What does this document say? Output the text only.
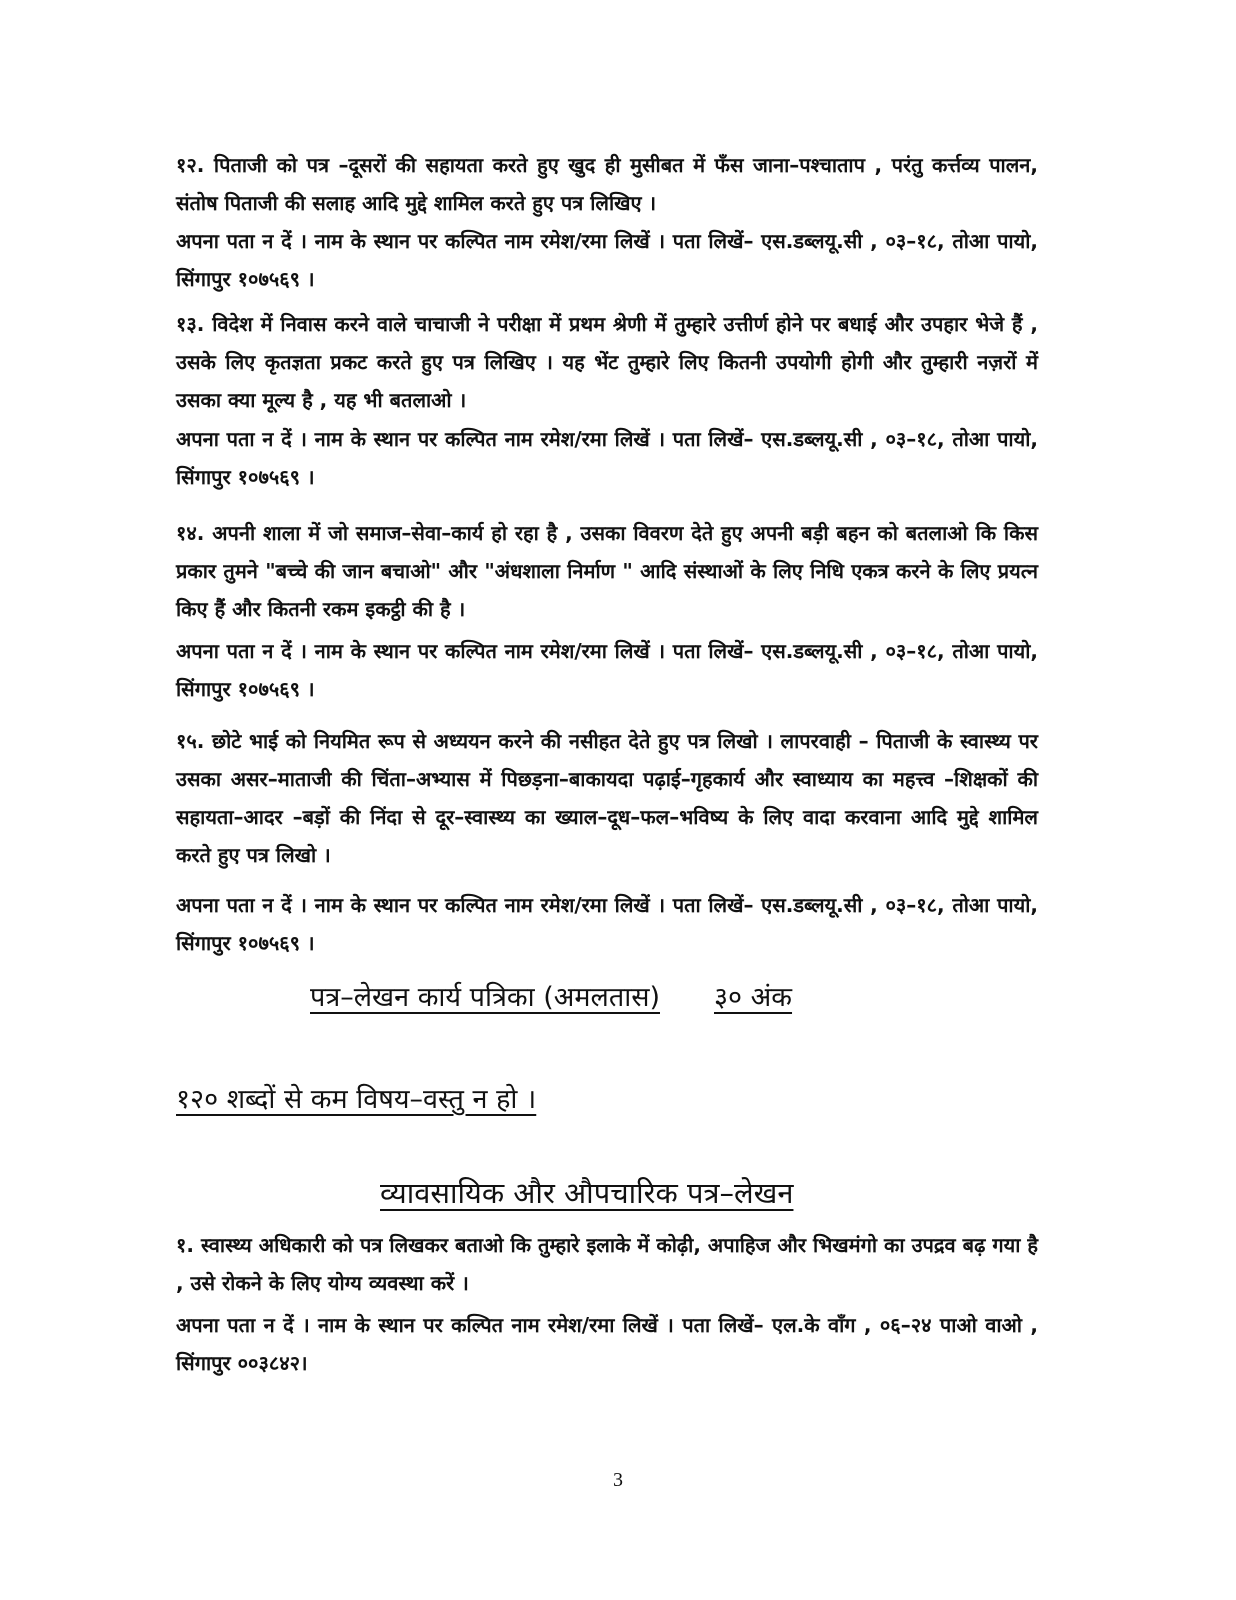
१२. पिताजी को पत्र –दूसरों की सहायता करते हुए खुद ही मुसीबत में फँस जाना–पश्चाताप , परंतु कर्त्तव्य पालन, संतोष पिताजी की सलाह आदि मुद्दे शामिल करते हुए पत्र लिखिए ।

अपना पता न दें । नाम के स्थान पर कल्पित नाम रमेश/रमा लिखें । पता लिखें– एस.डब्लयू.सी , ०३–१८, तोआ पायो, सिंगापुर १०७५६९ ।

१३. विदेश में निवास करने वाले चाचाजी ने परीक्षा में प्रथम श्रेणी में तुम्हारे उत्तीर्ण होने पर बधाई और उपहार भेजे हैं , उसके लिए कृतज्ञता प्रकट करते हुए पत्र लिखिए । यह भेंट तुम्हारे लिए कितनी उपयोगी होगी और तुम्हारी नज़रों में उसका क्या मूल्य है , यह भी बतलाओ ।

अपना पता न दें । नाम के स्थान पर कल्पित नाम रमेश/रमा लिखें । पता लिखें– एस.डब्लयू.सी , ०३–१८, तोआ पायो, सिंगापुर १०७५६९ ।

१४. अपनी शाला में जो समाज–सेवा–कार्य हो रहा है , उसका विवरण देते हुए अपनी बड़ी बहन को बतलाओ कि किस प्रकार तुमने "बच्चे की जान बचाओ" और "अंधशाला निर्माण " आदि संस्थाओं के लिए निधि एकत्र करने के लिए प्रयत्न किए हैं और कितनी रकम इकट्ठी की है ।

अपना पता न दें । नाम के स्थान पर कल्पित नाम रमेश/रमा लिखें । पता लिखें– एस.डब्लयू.सी , ०३–१८, तोआ पायो, सिंगापुर १०७५६९ ।

१५. छोटे भाई को नियमित रूप से अध्ययन करने की नसीहत देते हुए पत्र लिखो । लापरवाही – पिताजी के स्वास्थ्य पर उसका असर–माताजी की चिंता–अभ्यास में पिछड़ना–बाकायदा पढ़ाई–गृहकार्य और स्वाध्याय का महत्त्व –शिक्षकों की सहायता–आदर –बड़ों की निंदा से दूर–स्वास्थ्य का ख्याल–दूध–फल–भविष्य के लिए वादा करवाना आदि मुद्दे शामिल करते हुए पत्र लिखो ।

अपना पता न दें । नाम के स्थान पर कल्पित नाम रमेश/रमा लिखें । पता लिखें– एस.डब्लयू.सी , ०३–१८, तोआ पायो, सिंगापुर १०७५६९ ।

पत्र–लेखन कार्य पत्रिका (अमलतास) ३० अंक
१२० शब्दों से कम विषय–वस्तु न हो ।
व्यावसायिक और औपचारिक पत्र–लेखन

१. स्वास्थ्य अधिकारी को पत्र लिखकर बताओ कि तुम्हारे इलाके में कोढ़ी, अपाहिज और भिखमंगो का उपद्रव बढ़ गया है , उसे रोकने के लिए योग्य व्यवस्था करें ।

अपना पता न दें । नाम के स्थान पर कल्पित नाम रमेश/रमा लिखें । पता लिखें– एल.के वाँग , ०६–२४ पाओ वाओ , सिंगापुर ००३८४२।

3
